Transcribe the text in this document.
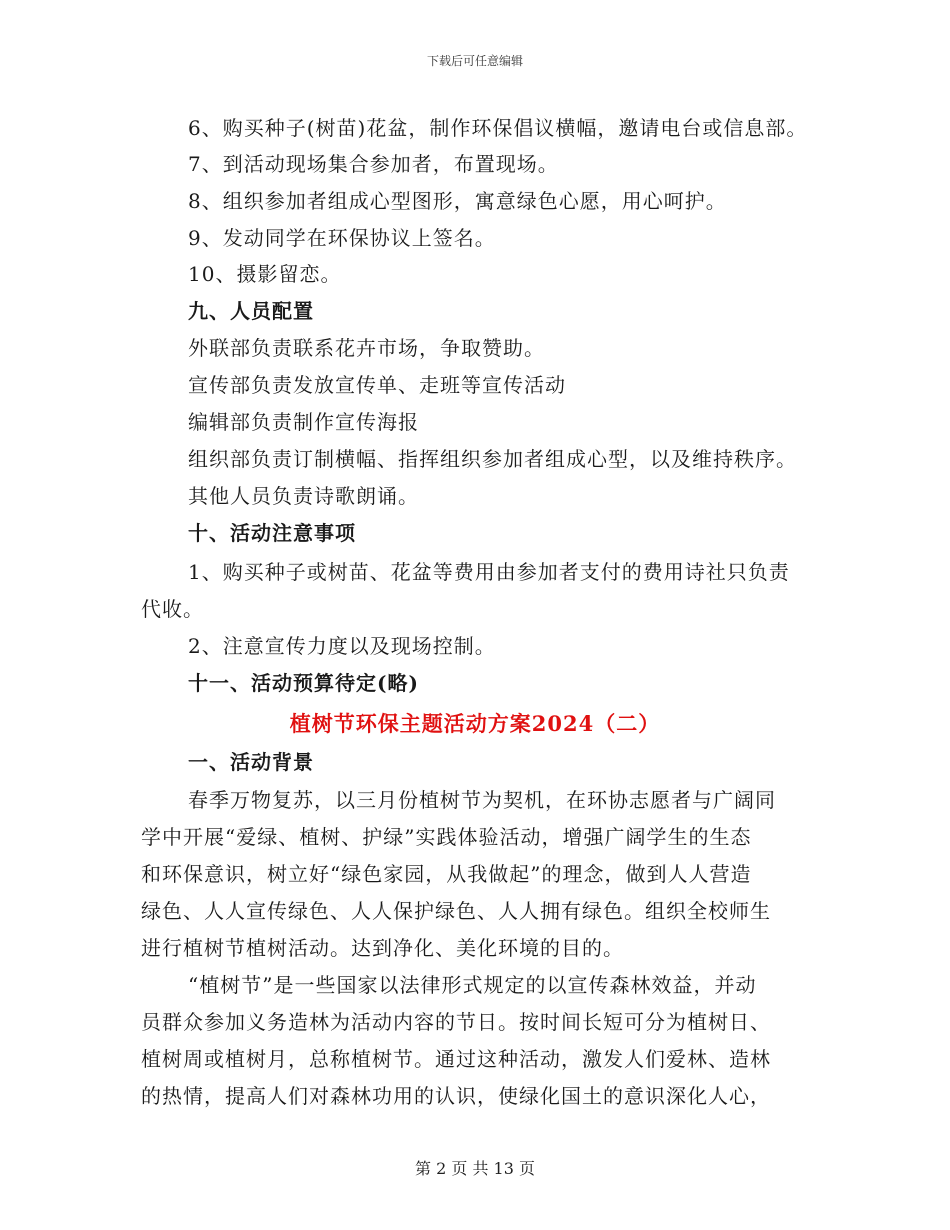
下载后可任意编辑
6、购买种子(树苗)花盆，制作环保倡议横幅，邀请电台或信息部。
7、到活动现场集合参加者，布置现场。
8、组织参加者组成心型图形，寓意绿色心愿，用心呵护。
9、发动同学在环保协议上签名。
10、摄影留恋。
九、人员配置
外联部负责联系花卉市场，争取赞助。
宣传部负责发放宣传单、走班等宣传活动
编辑部负责制作宣传海报
组织部负责订制横幅、指挥组织参加者组成心型，以及维持秩序。
其他人员负责诗歌朗诵。
十、活动注意事项
1、购买种子或树苗、花盆等费用由参加者支付的费用诗社只负责
代收。
2、注意宣传力度以及现场控制。
十一、活动预算待定(略)
植树节环保主题活动方案2024（二）
一、活动背景
春季万物复苏，以三月份植树节为契机，在环协志愿者与广阔同
学中开展“爱绿、植树、护绿”实践体验活动，增强广阔学生的生态
和环保意识，树立好“绿色家园，从我做起”的理念，做到人人营造
绿色、人人宣传绿色、人人保护绿色、人人拥有绿色。组织全校师生
进行植树节植树活动。达到净化、美化环境的目的。
“植树节”是一些国家以法律形式规定的以宣传森林效益，并动
员群众参加义务造林为活动内容的节日。按时间长短可分为植树日、
植树周或植树月，总称植树节。通过这种活动，激发人们爱林、造林
的热情，提高人们对森林功用的认识，使绿化国土的意识深化人心，
第 2 页 共 13 页
